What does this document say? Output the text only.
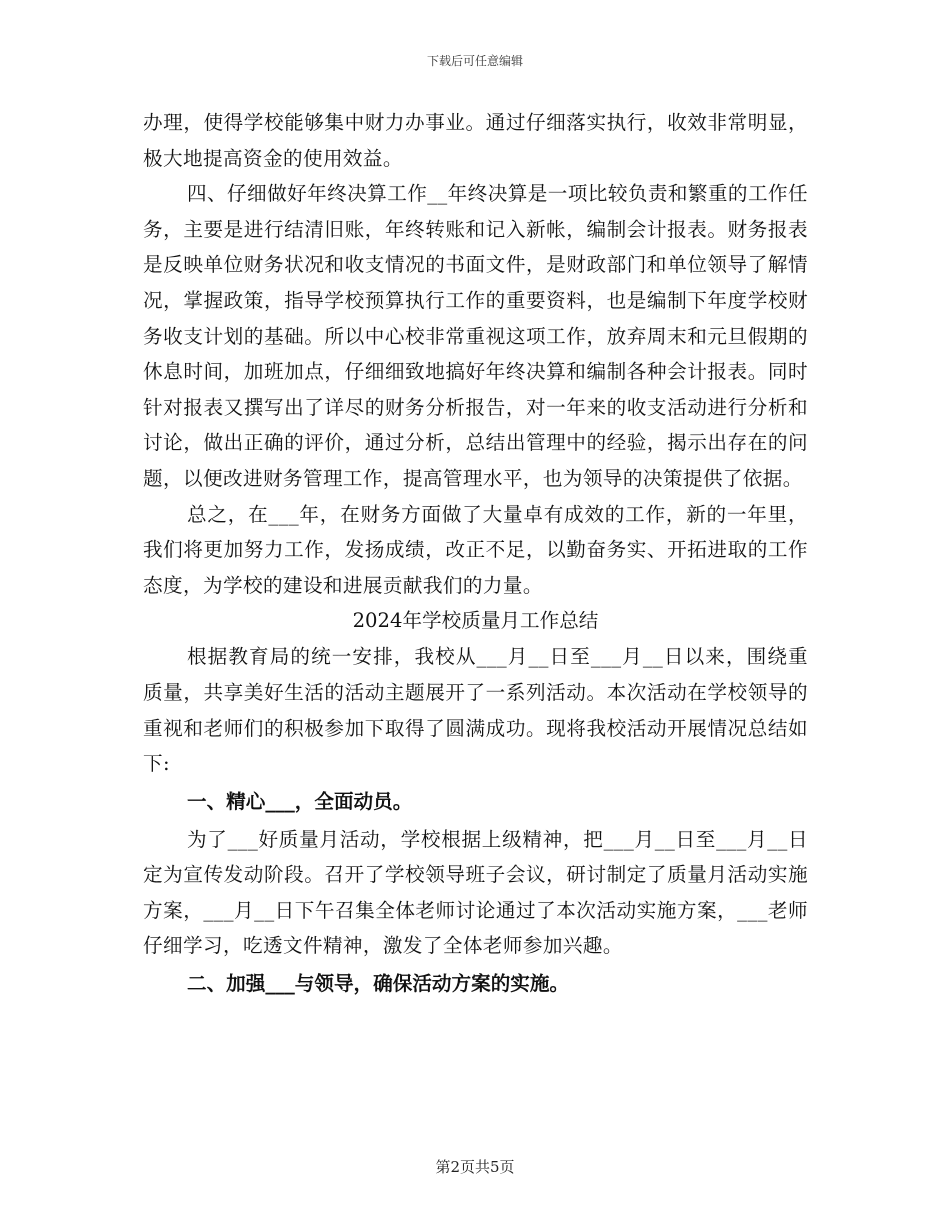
下载后可任意编辑

办理，使得学校能够集中财力办事业。通过仔细落实执行，收效非常明显，极大地提高资金的使用效益。

四、仔细做好年终决算工作__年终决算是一项比较负责和繁重的工作任务，主要是进行结清旧账，年终转账和记入新帐，编制会计报表。财务报表是反映单位财务状况和收支情况的书面文件，是财政部门和单位领导了解情况，掌握政策，指导学校预算执行工作的重要资料，也是编制下年度学校财务收支计划的基础。所以中心校非常重视这项工作，放弃周末和元旦假期的休息时间，加班加点，仔细细致地搞好年终决算和编制各种会计报表。同时针对报表又撰写出了详尽的财务分析报告，对一年来的收支活动进行分析和讨论，做出正确的评价，通过分析，总结出管理中的经验，揭示出存在的问题，以便改进财务管理工作，提高管理水平，也为领导的决策提供了依据。

总之，在___年，在财务方面做了大量卓有成效的工作，新的一年里，我们将更加努力工作，发扬成绩，改正不足，以勤奋务实、开拓进取的工作态度，为学校的建设和进展贡献我们的力量。

2024年学校质量月工作总结

根据教育局的统一安排，我校从___月__日至___月__日以来，围绕重质量，共享美好生活的活动主题展开了一系列活动。本次活动在学校领导的重视和老师们的积极参加下取得了圆满成功。现将我校活动开展情况总结如下:

一、精心___，全面动员。

为了___好质量月活动，学校根据上级精神，把___月__日至___月__日定为宣传发动阶段。召开了学校领导班子会议，研讨制定了质量月活动实施方案，___月__日下午召集全体老师讨论通过了本次活动实施方案，___老师仔细学习，吃透文件精神，激发了全体老师参加兴趣。

二、加强___与领导，确保活动方案的实施。

第2页共5页
